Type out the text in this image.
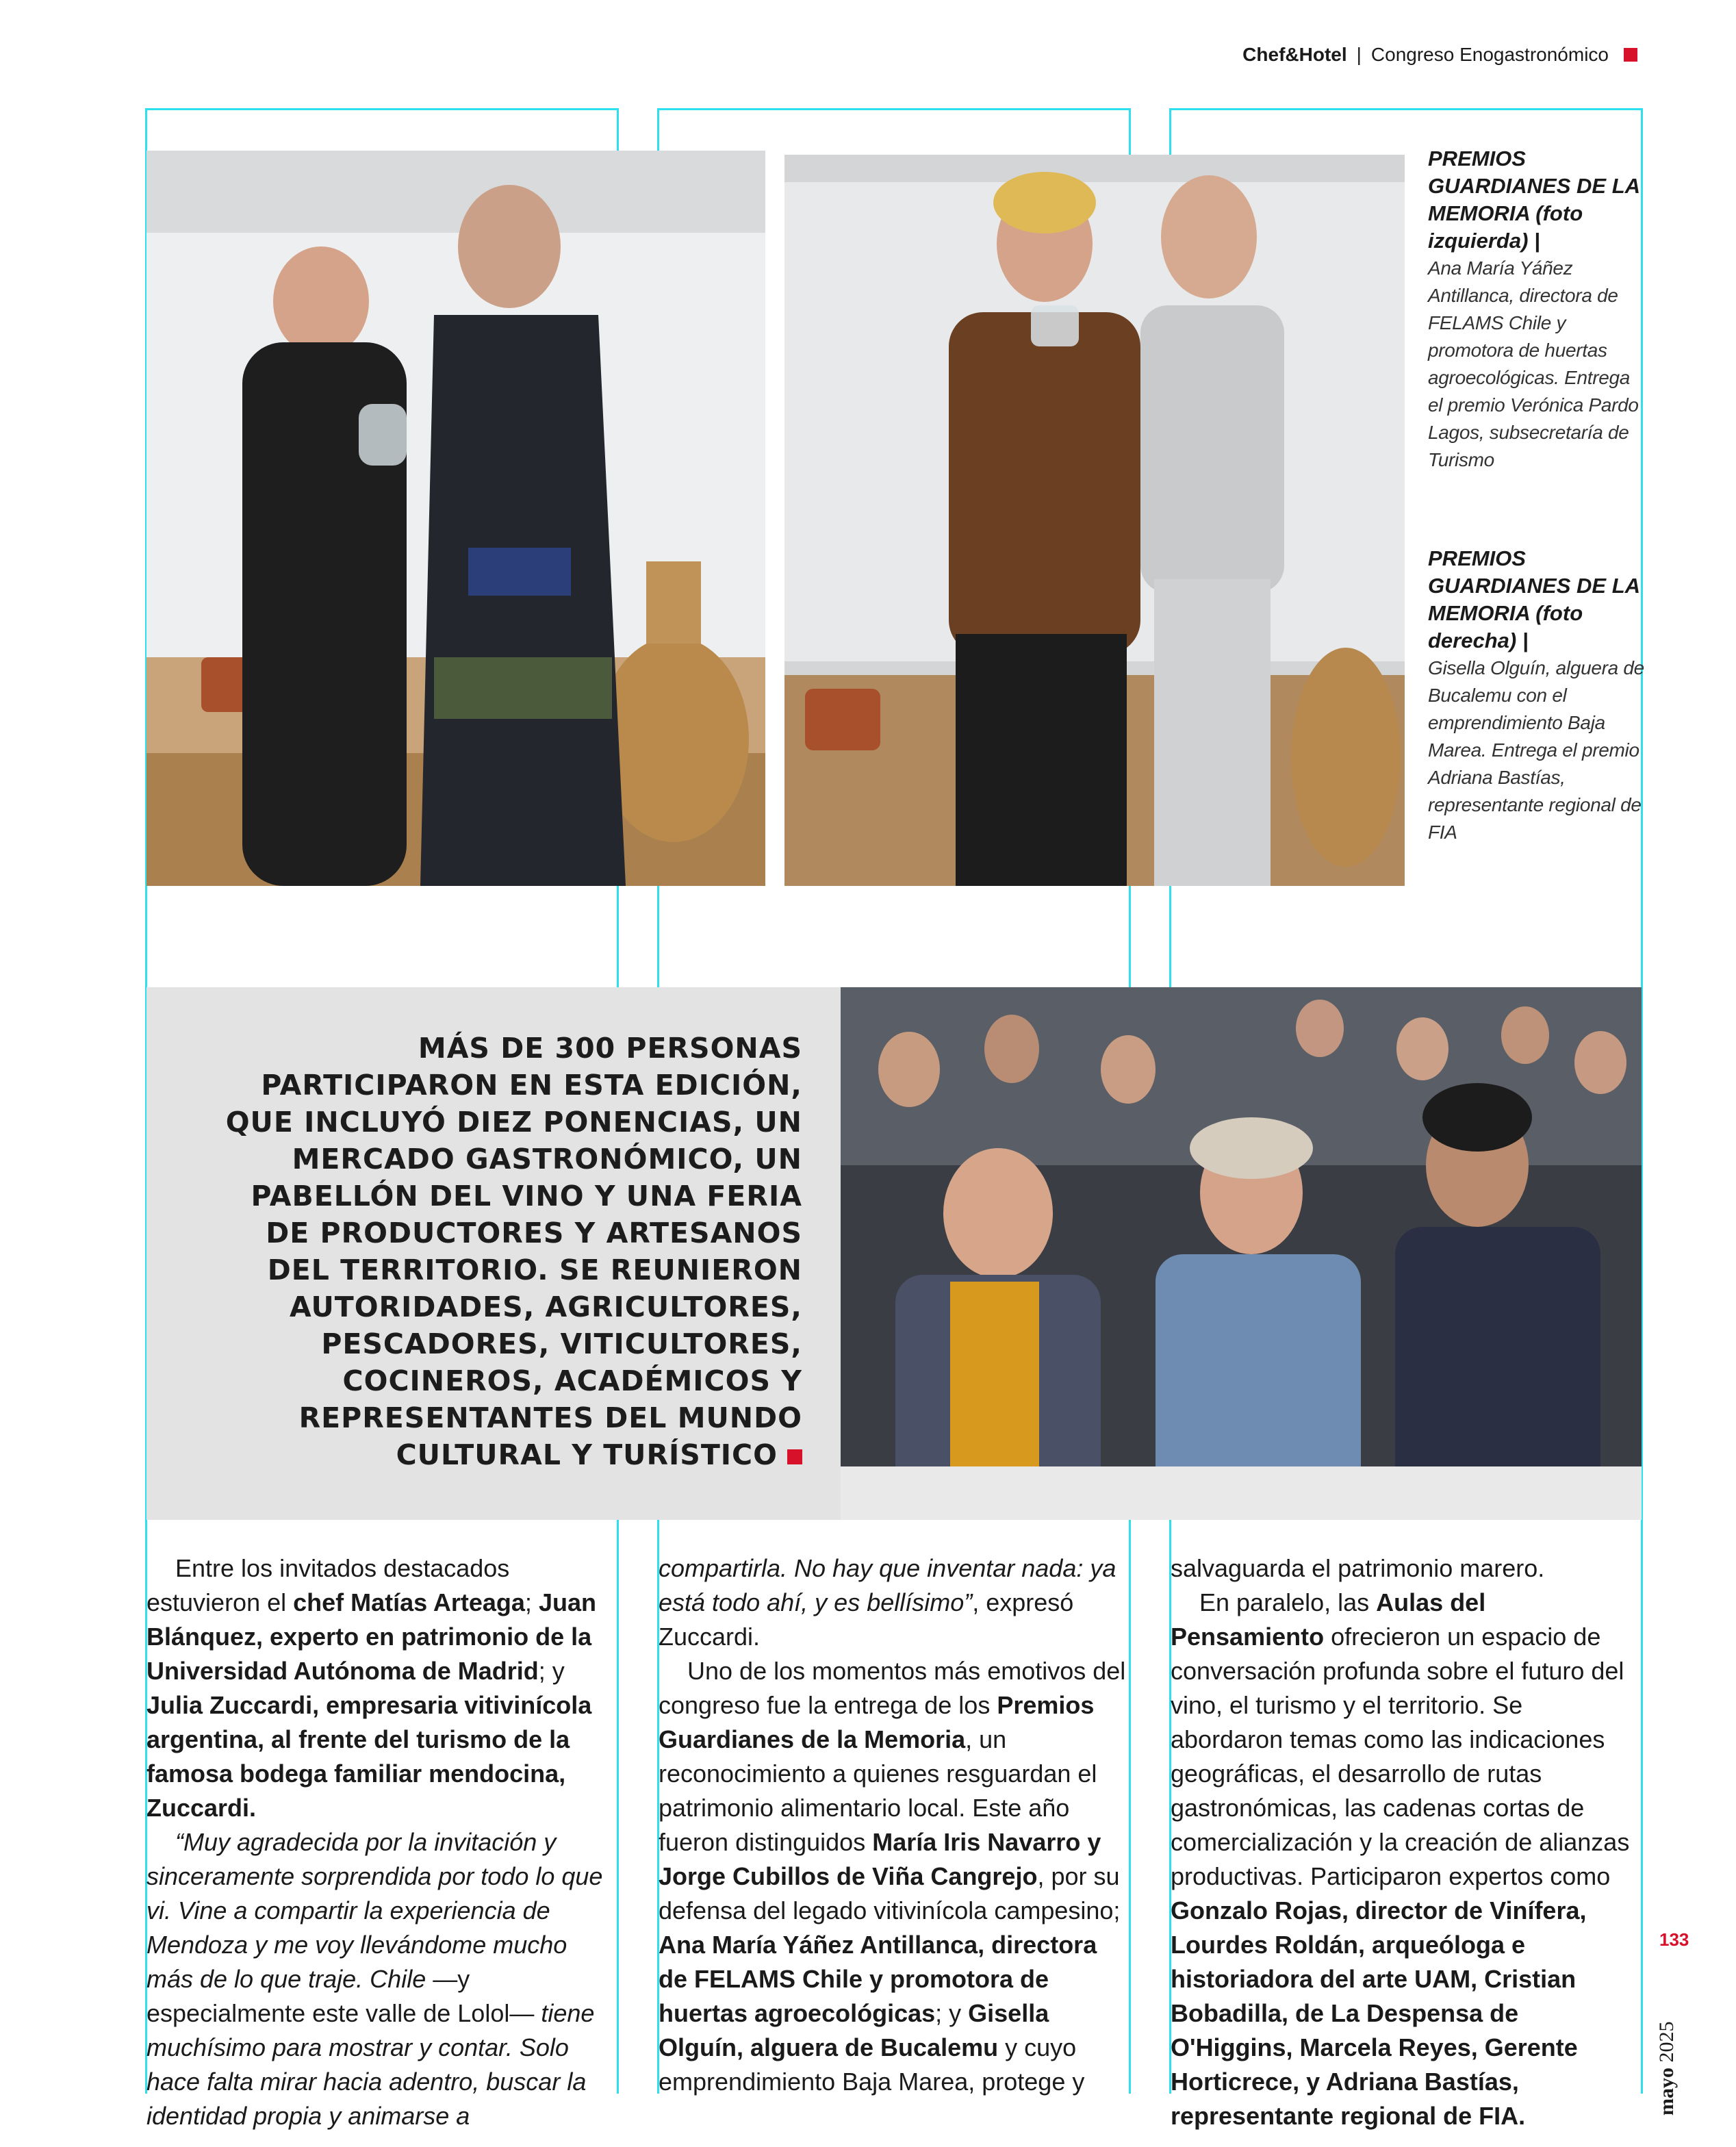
Chef&Hotel | Congreso Enogastronómico
PREMIOS GUARDIANES DE LA MEMORIA (foto izquierda) |
Ana María Yáñez Antillanca, directora de FELAMS Chile y promotora de huertas agroecológicas. Entrega el premio Verónica Pardo Lagos, subsecretaría de Turismo
PREMIOS GUARDIANES DE LA MEMORIA (foto derecha) |
Gisella Olguín, alguera de Bucalemu con el emprendimiento Baja Marea. Entrega el premio Adriana Bastías, representante regional de FIA
MÁS DE 300 PERSONAS PARTICIPARON EN ESTA EDICIÓN, QUE INCLUYÓ DIEZ PONENCIAS, UN MERCADO GASTRONÓMICO, UN PABELLÓN DEL VINO Y UNA FERIA DE PRODUCTORES Y ARTESANOS DEL TERRITORIO. SE REUNIERON AUTORIDADES, AGRICULTORES, PESCADORES, VITICULTORES, COCINEROS, ACADÉMICOS Y REPRESENTANTES DEL MUNDO CULTURAL Y TURÍSTICO

Entre los invitados destacados estuvieron el chef Matías Arteaga; Juan Blánquez, experto en patrimonio de la Universidad Autónoma de Madrid; y Julia Zuccardi, empresaria vitivinícola argentina, al frente del turismo de la famosa bodega familiar mendocina, Zuccardi.

“Muy agradecida por la invitación y sinceramente sorprendida por todo lo que vi. Vine a compartir la experiencia de Mendoza y me voy llevándome mucho más de lo que traje. Chile —y especialmente este valle de Lolol— tiene muchísimo para mostrar y contar. Solo hace falta mirar hacia adentro, buscar la identidad propia y animarse a

compartirla. No hay que inventar nada: ya está todo ahí, y es bellísimo”, expresó Zuccardi.

Uno de los momentos más emotivos del congreso fue la entrega de los Premios Guardianes de la Memoria, un reconocimiento a quienes resguardan el patrimonio alimentario local. Este año fueron distinguidos María Iris Navarro y Jorge Cubillos de Viña Cangrejo, por su defensa del legado vitivinícola campesino; Ana María Yáñez Antillanca, directora de FELAMS Chile y promotora de huertas agroecológicas; y Gisella Olguín, alguera de Bucalemu y cuyo emprendimiento Baja Marea, protege y

salvaguarda el patrimonio marero.

En paralelo, las Aulas del Pensamiento ofrecieron un espacio de conversación profunda sobre el futuro del vino, el turismo y el territorio. Se abordaron temas como las indicaciones geográficas, el desarrollo de rutas gastronómicas, las cadenas cortas de comercialización y la creación de alianzas productivas. Participaron expertos como Gonzalo Rojas, director de Vinífera, Lourdes Roldán, arqueóloga e historiadora del arte UAM, Cristian Bobadilla, de La Despensa de O'Higgins, Marcela Reyes, Gerente Horticrece, y Adriana Bastías, representante regional de FIA.

133
mayo 2025
